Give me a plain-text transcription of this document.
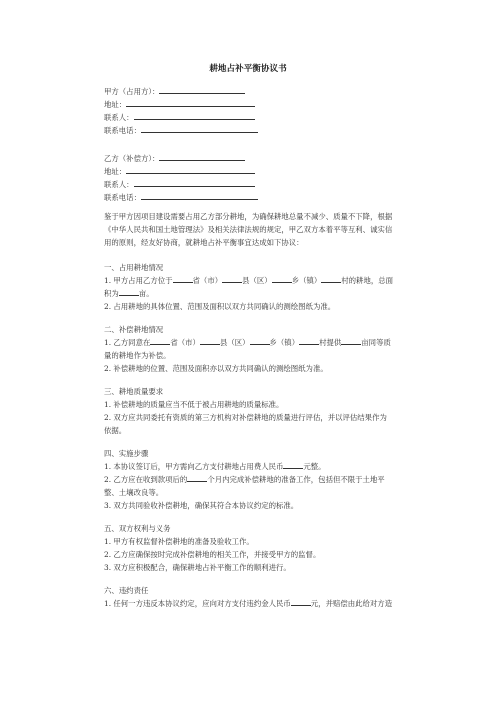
耕地占补平衡协议书
甲方（占用方）：
地址：
联系人：
联系电话：
乙方（补偿方）：
地址：
联系人：
联系电话：

鉴于甲方因项目建设需要占用乙方部分耕地，为确保耕地总量不减少、质量不下降，根据《中华人民共和国土地管理法》及相关法律法规的规定，甲乙双方本着平等互利、诚实信用的原则，经友好协商，就耕地占补平衡事宜达成如下协议：

一、占用耕地情况

1. 甲方占用乙方位于	省（市）	县（区）	乡（镇）	村的耕地，总面积为	亩。

2. 占用耕地的具体位置、范围及面积以双方共同确认的测绘图纸为准。

二、补偿耕地情况

1. 乙方同意在	省（市）	县（区）	乡（镇）	村提供	亩同等质量的耕地作为补偿。

2. 补偿耕地的位置、范围及面积亦以双方共同确认的测绘图纸为准。

三、耕地质量要求

1. 补偿耕地的质量应当不低于被占用耕地的质量标准。

2. 双方应共同委托有资质的第三方机构对补偿耕地的质量进行评估，并以评估结果作为依据。

四、实施步骤

1. 本协议签订后，甲方需向乙方支付耕地占用费人民币	元整。

2. 乙方应在收到款项后的	个月内完成补偿耕地的准备工作，包括但不限于土地平整、土壤改良等。

3. 双方共同验收补偿耕地，确保其符合本协议约定的标准。

五、双方权利与义务

1. 甲方有权监督补偿耕地的准备及验收工作。

2. 乙方应确保按时完成补偿耕地的相关工作，并接受甲方的监督。

3. 双方应积极配合，确保耕地占补平衡工作的顺利进行。

六、违约责任

1. 任何一方违反本协议约定，应向对方支付违约金人民币	元，并赔偿由此给对方造
